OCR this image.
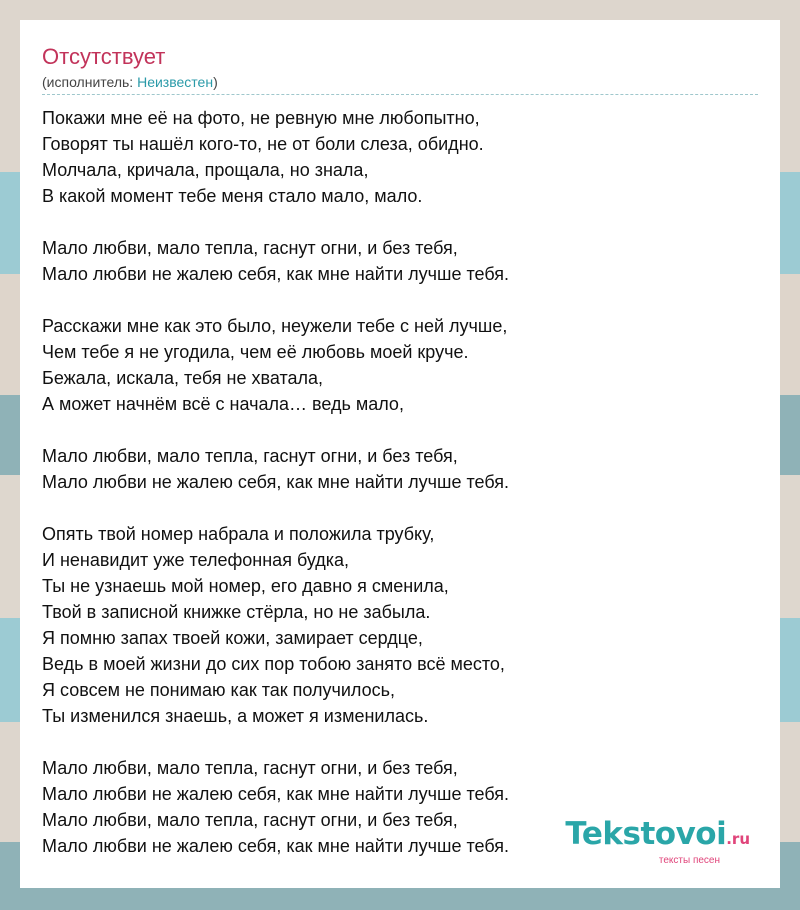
Отсутствует
(исполнитель: Неизвестен)
Покажи мне её на фото, не ревную мне любопытно,
Говорят ты нашёл кого-то, не от боли слеза, обидно.
Молчала, кричала, прощала, но знала,
В какой момент тебе меня стало мало, мало.
Мало любви, мало тепла, гаснут огни, и без тебя,
Мало любви не жалею себя, как мне найти лучше тебя.
Расскажи мне как это было, неужели тебе с ней лучше,
Чем тебе я не угодила, чем её любовь моей круче.
Бежала, искала, тебя не хватала,
А может начнём всё с начала… ведь мало,
Мало любви, мало тепла, гаснут огни, и без тебя,
Мало любви не жалею себя, как мне найти лучше тебя.
Опять твой номер набрала и положила трубку,
И ненавидит уже телефонная будка,
Ты не узнаешь мой номер, его давно я сменила,
Твой в записной книжке стёрла, но не забыла.
Я помню запах твоей кожи, замирает сердце,
Ведь в моей жизни до сих пор тобою занято всё место,
Я совсем не понимаю как так получилось,
Ты изменился знаешь, а может я изменилась.
Мало любви, мало тепла, гаснут огни, и без тебя,
Мало любви не жалею себя, как мне найти лучше тебя.
Мало любви, мало тепла, гаснут огни, и без тебя,
Мало любви не жалею себя, как мне найти лучше тебя.	Tekstovoi.ru
тексты песен
